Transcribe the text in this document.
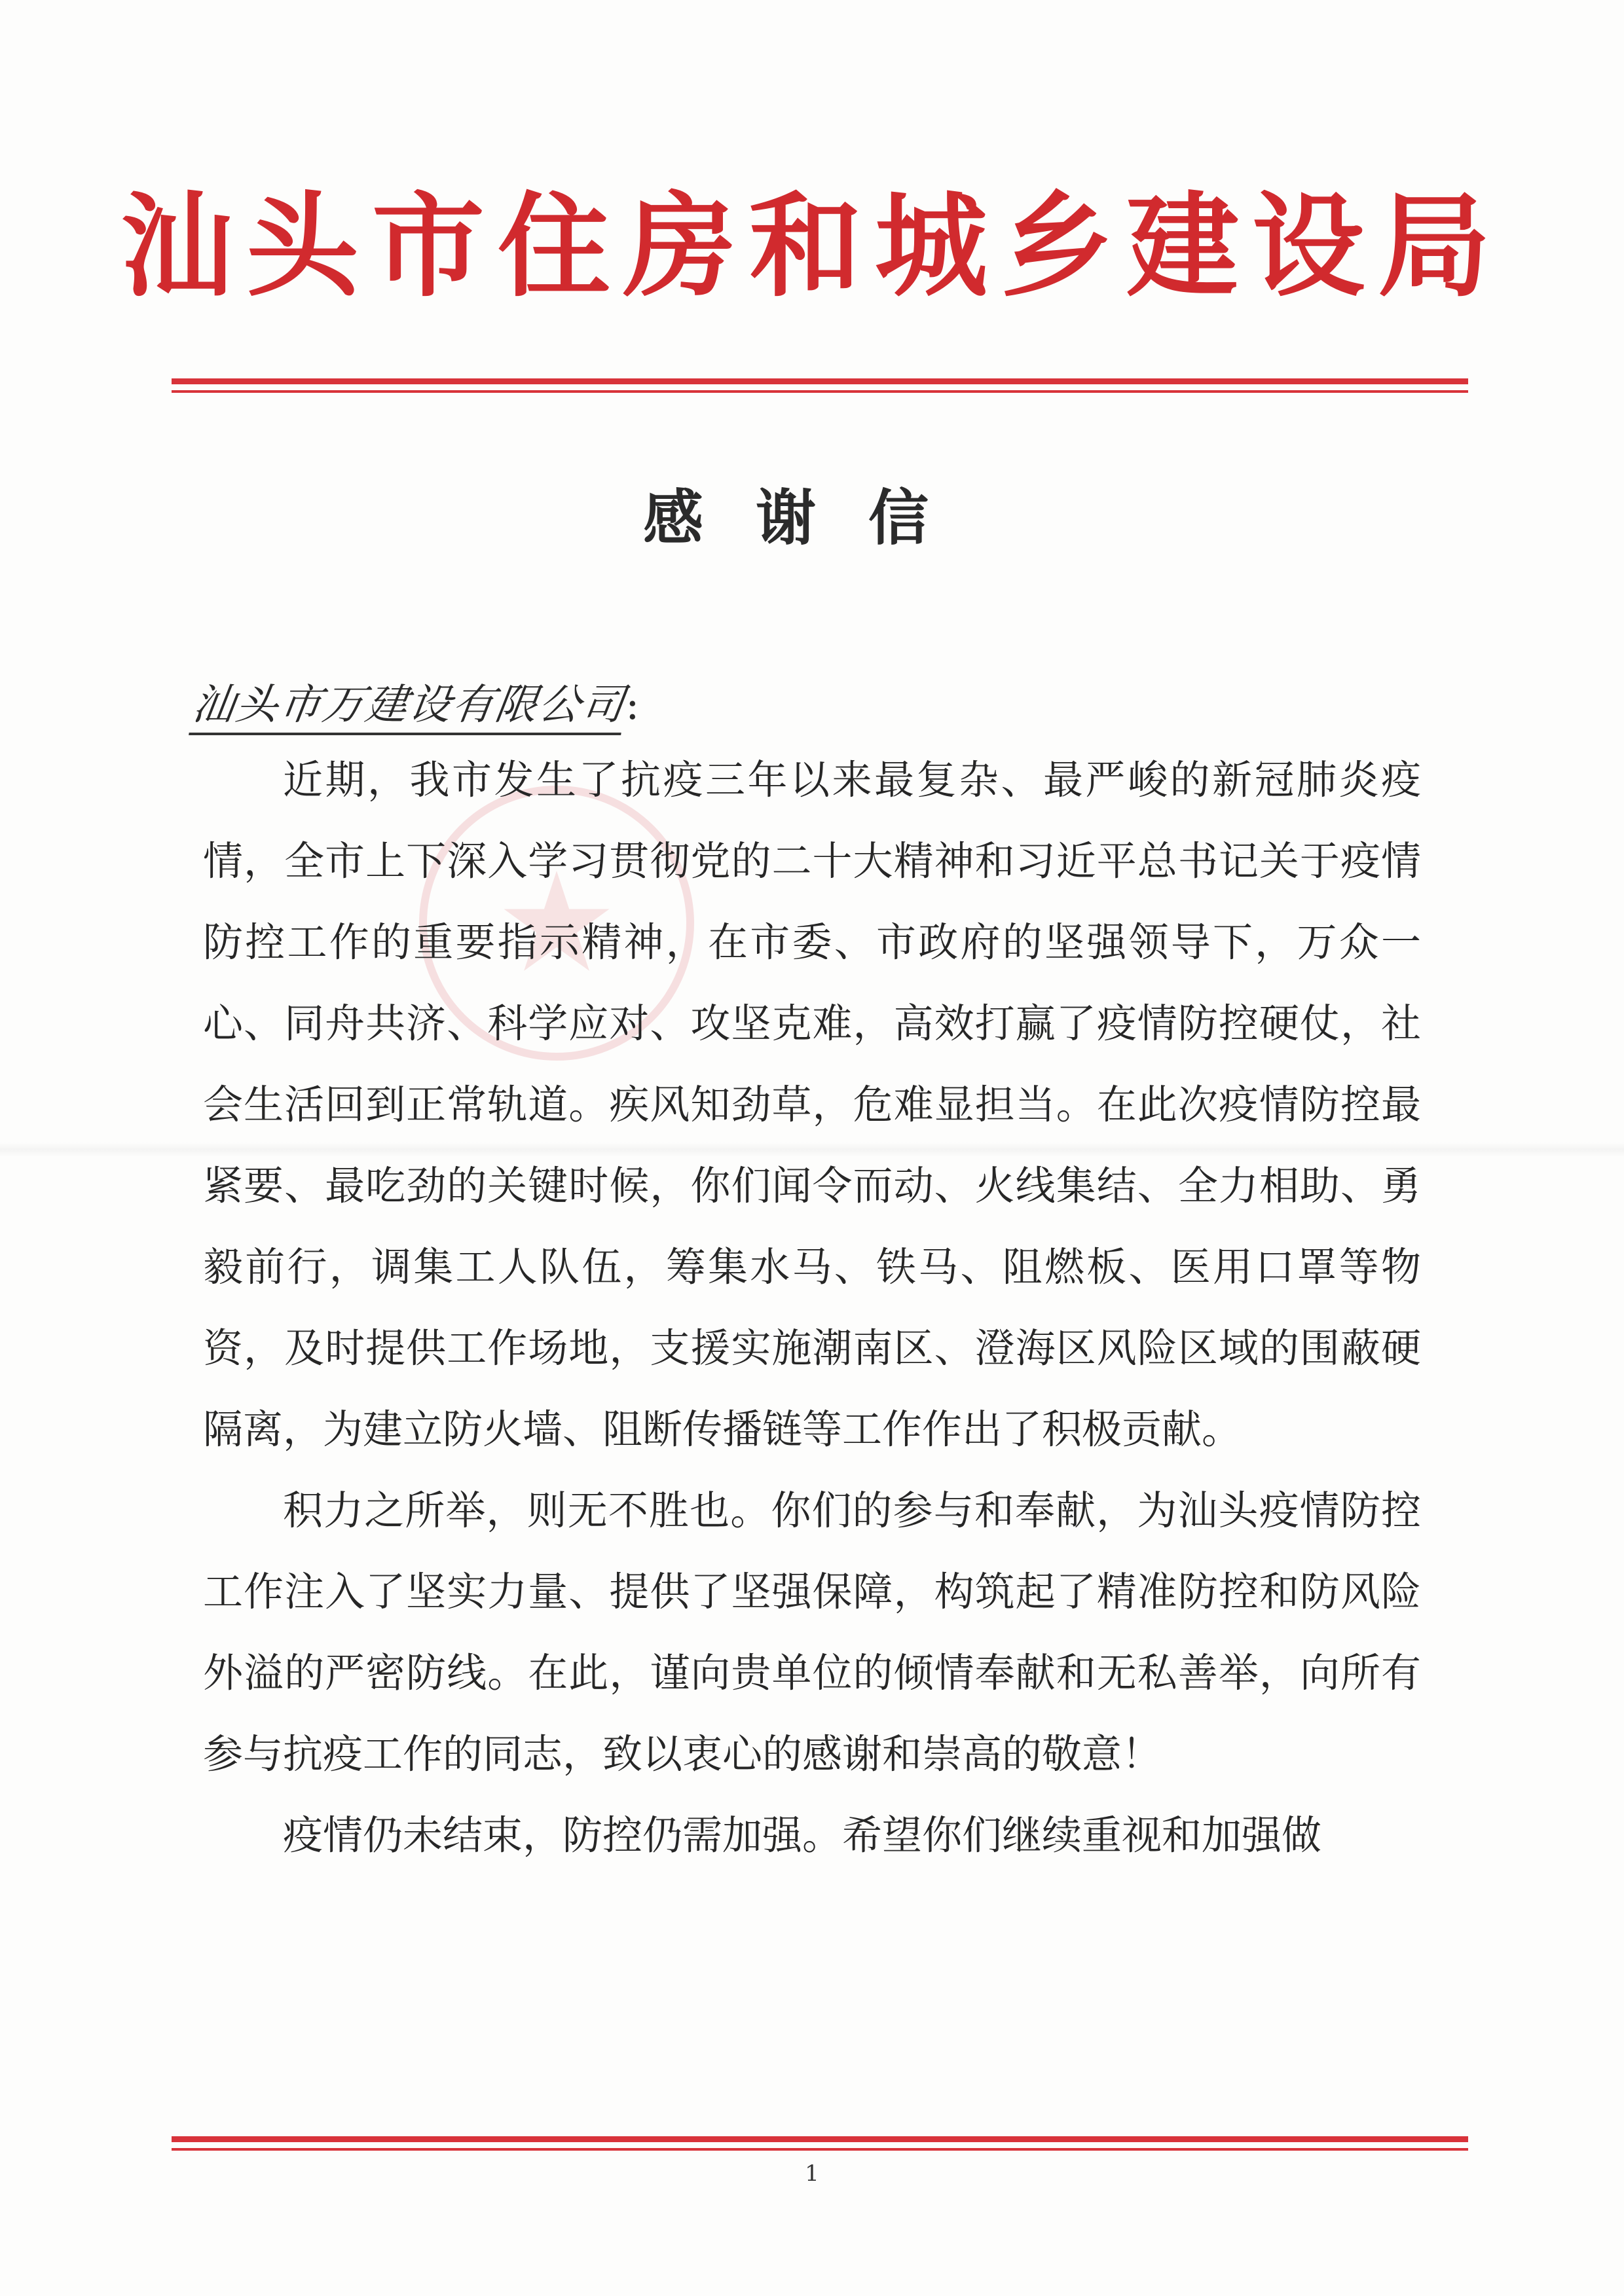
汕头市住房和城乡建设局
感谢信
★
汕头市万建设有限公司:

近期，我市发生了抗疫三年以来最复杂、最严峻的新冠肺炎疫情，全市上下深入学习贯彻党的二十大精神和习近平总书记关于疫情防控工作的重要指示精神，在市委、市政府的坚强领导下，万众一心、同舟共济、科学应对、攻坚克难，高效打赢了疫情防控硬仗，社会生活回到正常轨道。疾风知劲草，危难显担当。在此次疫情防控最紧要、最吃劲的关键时候，你们闻令而动、火线集结、全力相助、勇毅前行，调集工人队伍，筹集水马、铁马、阻燃板、医用口罩等物资，及时提供工作场地，支援实施潮南区、澄海区风险区域的围蔽硬隔离，为建立防火墙、阻断传播链等工作作出了积极贡献。

积力之所举，则无不胜也。你们的参与和奉献，为汕头疫情防控工作注入了坚实力量、提供了坚强保障，构筑起了精准防控和防风险外溢的严密防线。在此，谨向贵单位的倾情奉献和无私善举，向所有参与抗疫工作的同志，致以衷心的感谢和崇高的敬意！

疫情仍未结束，防控仍需加强。希望你们继续重视和加强做

1
